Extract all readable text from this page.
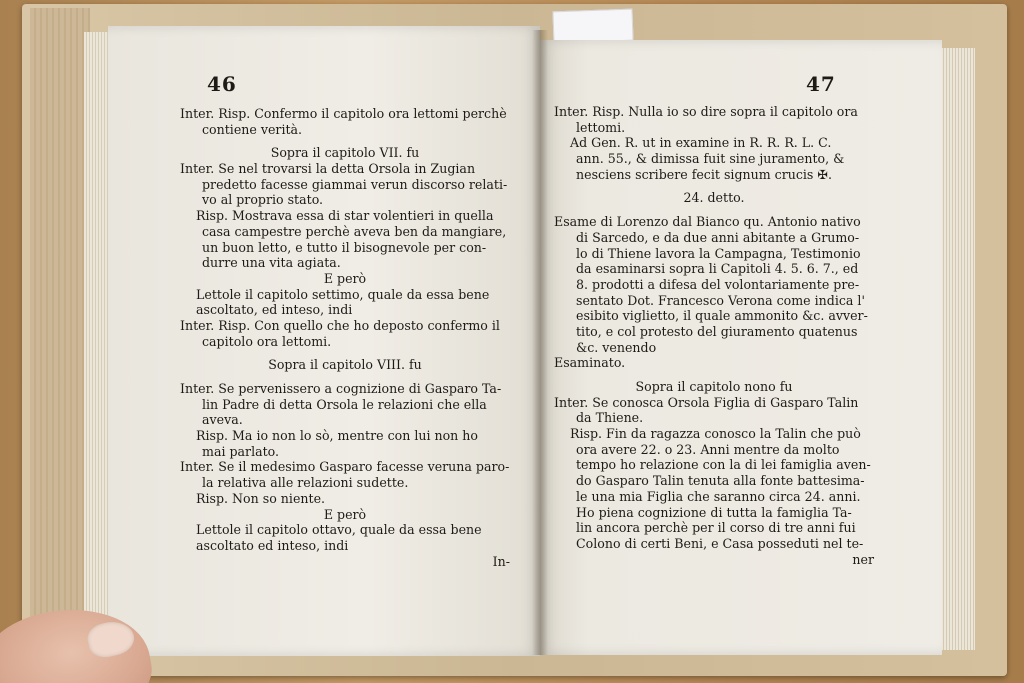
46
Inter. Risp. Confermo il capitolo ora lettomi perchè
contiene verità.
Sopra il capitolo VII. fu
Inter. Se nel trovarsi la detta Orsola in Zugian
predetto facesse giammai verun discorso relati-
vo al proprio stato.
Risp. Mostrava essa di star volentieri in quella
casa campestre perchè aveva ben da mangiare,
un buon letto, e tutto il bisognevole per con-
durre una vita agiata.
E però
Lettole il capitolo settimo, quale da essa bene
ascoltato, ed inteso, indi
Inter. Risp. Con quello che ho deposto confermo il
capitolo ora lettomi.
Sopra il capitolo VIII. fu
Inter. Se pervenissero a cognizione di Gasparo Ta-
lin Padre di detta Orsola le relazioni che ella
aveva.
Risp. Ma io non lo sò, mentre con lui non ho
mai parlato.
Inter. Se il medesimo Gasparo facesse veruna paro-
la relativa alle relazioni sudette.
Risp. Non so niente.
E però
Lettole il capitolo ottavo, quale da essa bene
ascoltato ed inteso, indi
In-
47
Inter. Risp. Nulla io so dire sopra il capitolo ora
lettomi.
Ad Gen. R. ut in examine in R. R. R. L. C.
ann. 55., & dimissa fuit sine juramento, &
nesciens scribere fecit signum crucis ✠.
24. detto.
Esame di Lorenzo dal Bianco qu. Antonio nativo
di Sarcedo, e da due anni abitante a Grumo-
lo di Thiene lavora la Campagna, Testimonio
da esaminarsi sopra li Capitoli 4. 5. 6. 7., ed
8. prodotti a difesa del volontariamente pre-
sentato Dot. Francesco Verona come indica l'
esibito viglietto, il quale ammonito &c. avver-
tito, e col protesto del giuramento quatenus
&c. venendo
Esaminato.
Sopra il capitolo nono fu
Inter. Se conosca Orsola Figlia di Gasparo Talin
da Thiene.
Risp. Fin da ragazza conosco la Talin che può
ora avere 22. o 23. Anni mentre da molto
tempo ho relazione con la di lei famiglia aven-
do Gasparo Talin tenuta alla fonte battesima-
le una mia Figlia che saranno circa 24. anni.
Ho piena cognizione di tutta la famiglia Ta-
lin ancora perchè per il corso di tre anni fui
Colono di certi Beni, e Casa posseduti nel te-
ner
